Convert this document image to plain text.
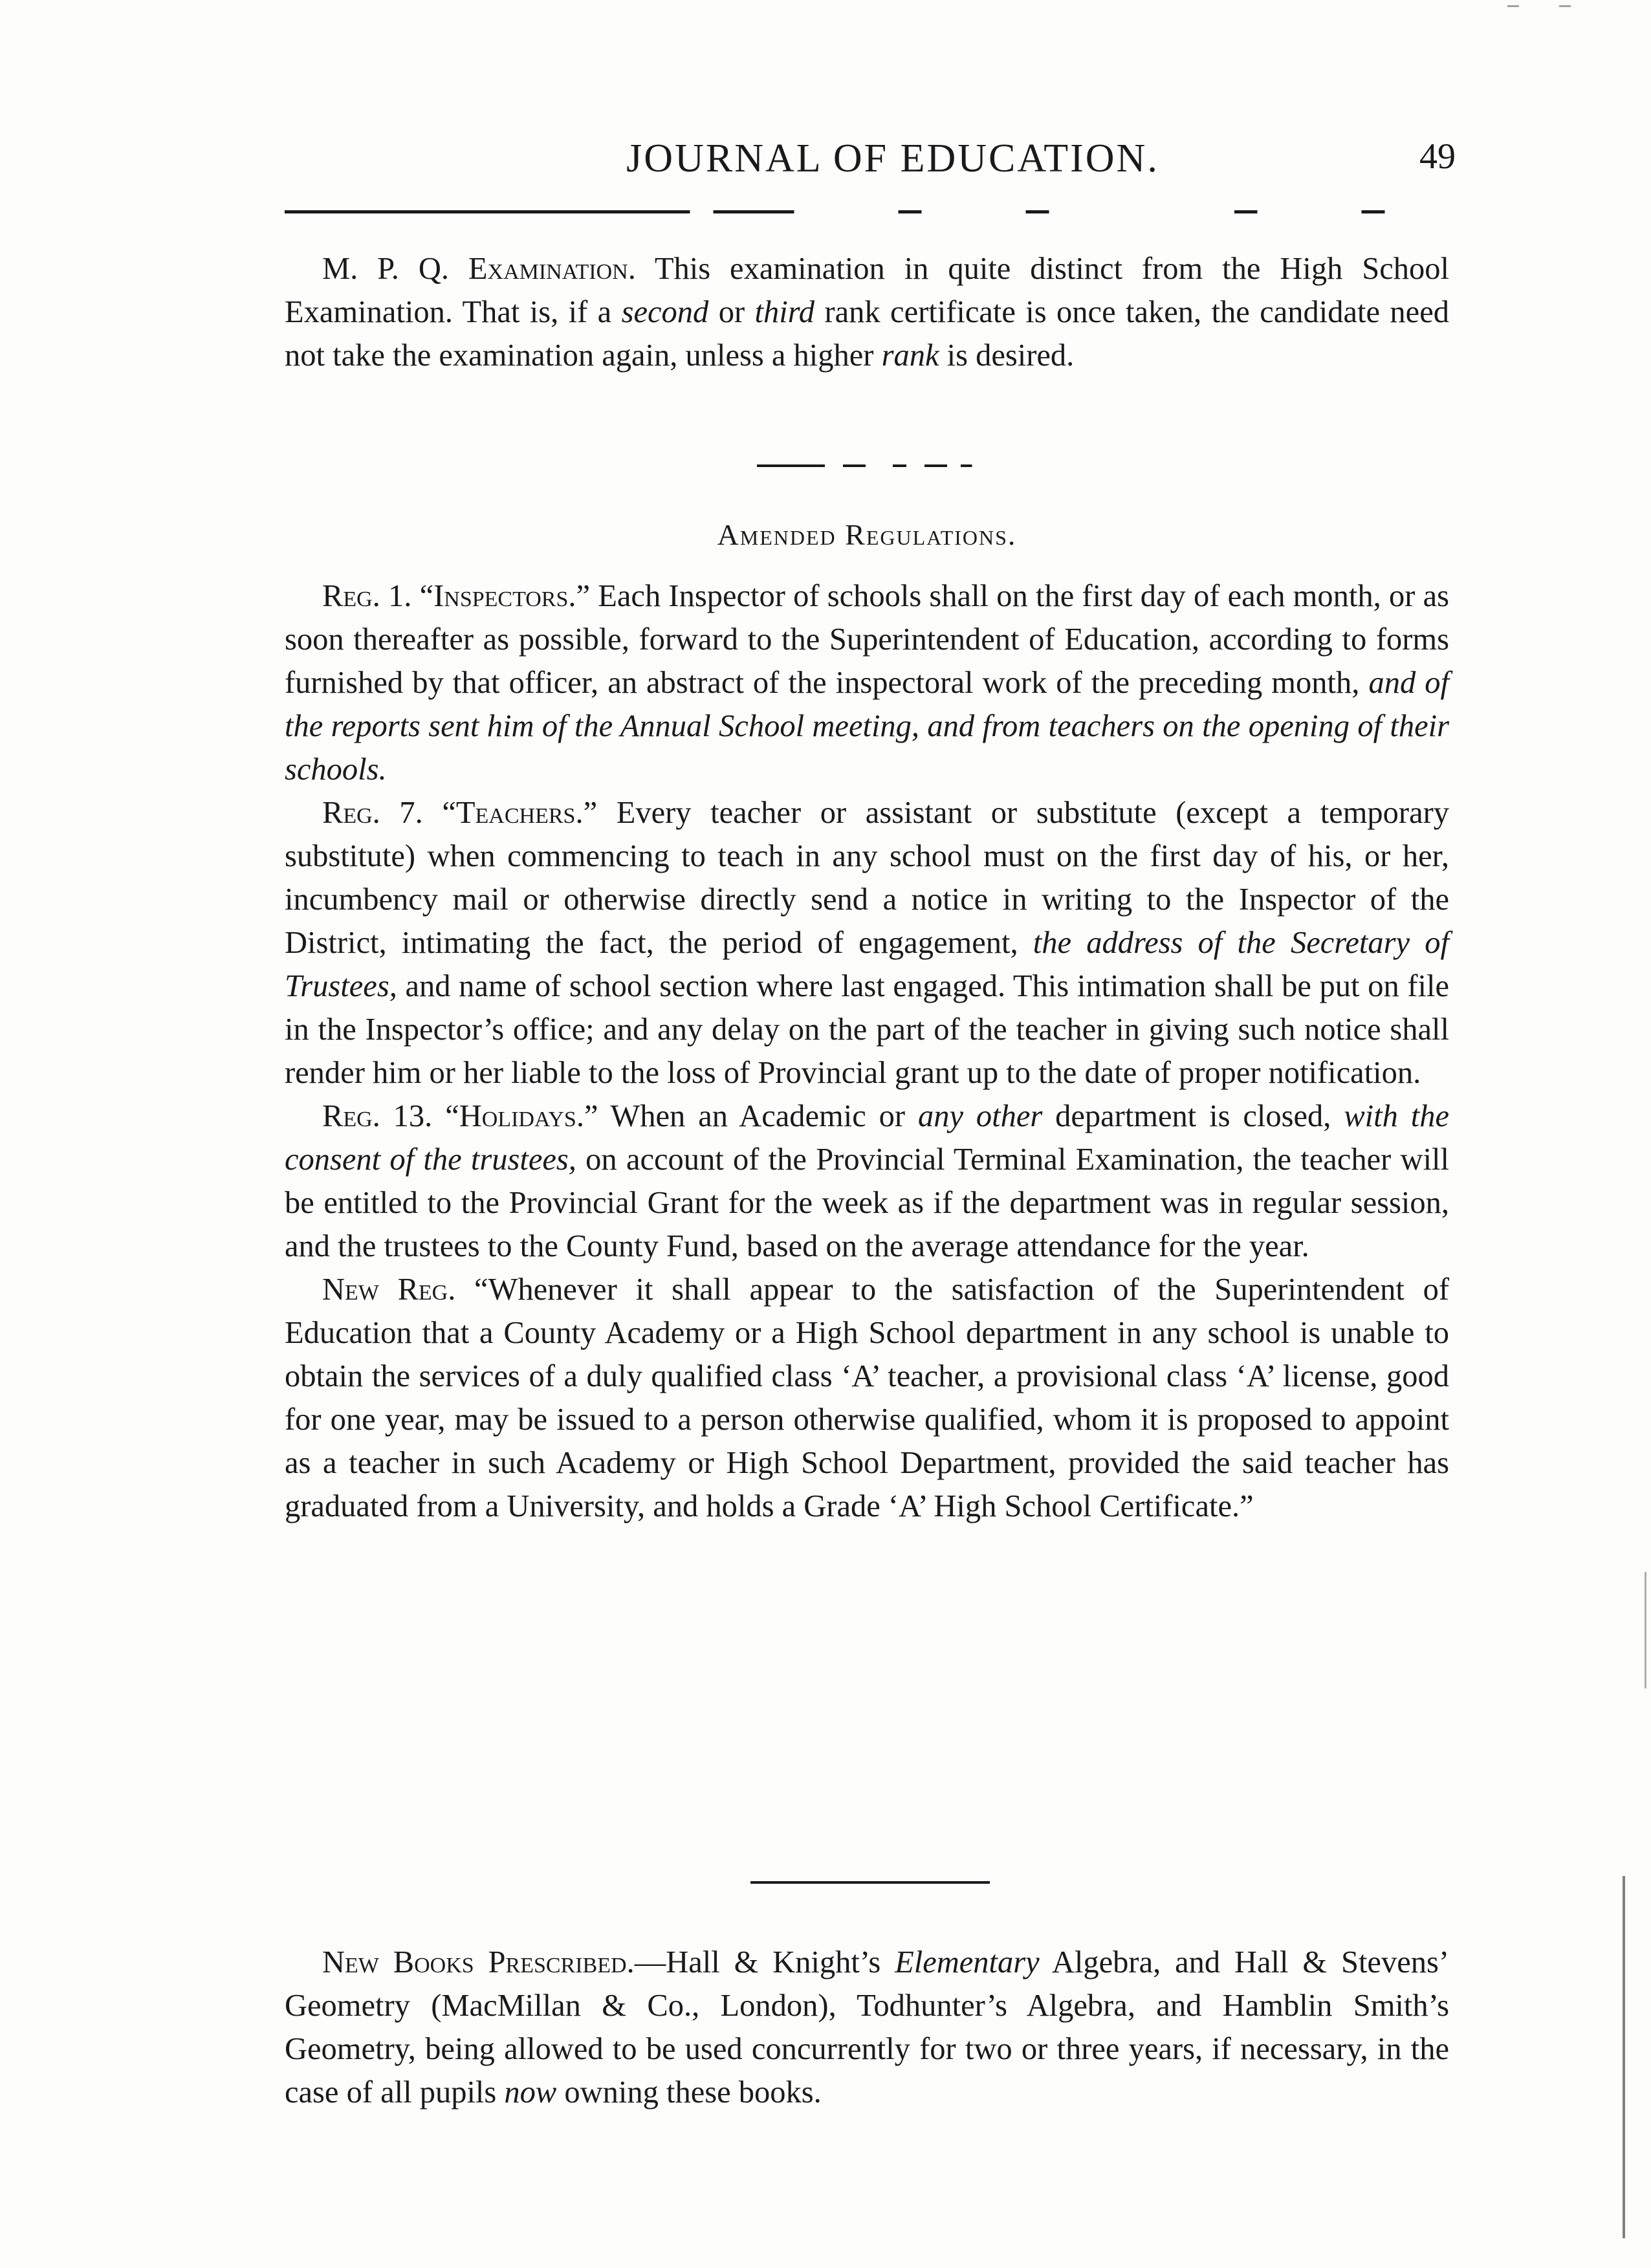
JOURNAL OF EDUCATION.	49

M. P. Q. Examination. This examination in quite distinct from the High School Examination. That is, if a second or third rank certificate is once taken, the candidate need not take the examination again, unless a higher rank is desired.

Amended Regulations.

Reg. 1. “Inspectors.” Each Inspector of schools shall on the first day of each month, or as soon thereafter as possible, forward to the Superintendent of Education, according to forms furnished by that officer, an abstract of the inspectoral work of the preceding month, and of the reports sent him of the Annual School meeting, and from teachers on the opening of their schools.

Reg. 7. “Teachers.” Every teacher or assistant or substitute (except a temporary substitute) when commencing to teach in any school must on the first day of his, or her, incumbency mail or otherwise directly send a notice in writing to the Inspector of the District, intimating the fact, the period of engagement, the address of the Secretary of Trustees, and name of school section where last engaged. This intimation shall be put on file in the Inspector’s office; and any delay on the part of the teacher in giving such notice shall render him or her liable to the loss of Provincial grant up to the date of proper notification.

Reg. 13. “Holidays.” When an Academic or any other department is closed, with the consent of the trustees, on account of the Provincial Terminal Examination, the teacher will be entitled to the Provincial Grant for the week as if the department was in regular session, and the trustees to the County Fund, based on the average attendance for the year.

New Reg. “Whenever it shall appear to the satisfaction of the Superintendent of Education that a County Academy or a High School department in any school is unable to obtain the services of a duly qualified class ‘A’ teacher, a provisional class ‘A’ license, good for one year, may be issued to a person otherwise qualified, whom it is proposed to appoint as a teacher in such Academy or High School Department, provided the said teacher has graduated from a University, and holds a Grade ‘A’ High School Certificate.”

New Books Prescribed.—Hall & Knight’s Elementary Algebra, and Hall & Stevens’ Geometry (MacMillan & Co., London), Todhunter’s Algebra, and Hamblin Smith’s Geometry, being allowed to be used concurrently for two or three years, if necessary, in the case of all pupils now owning these books.
